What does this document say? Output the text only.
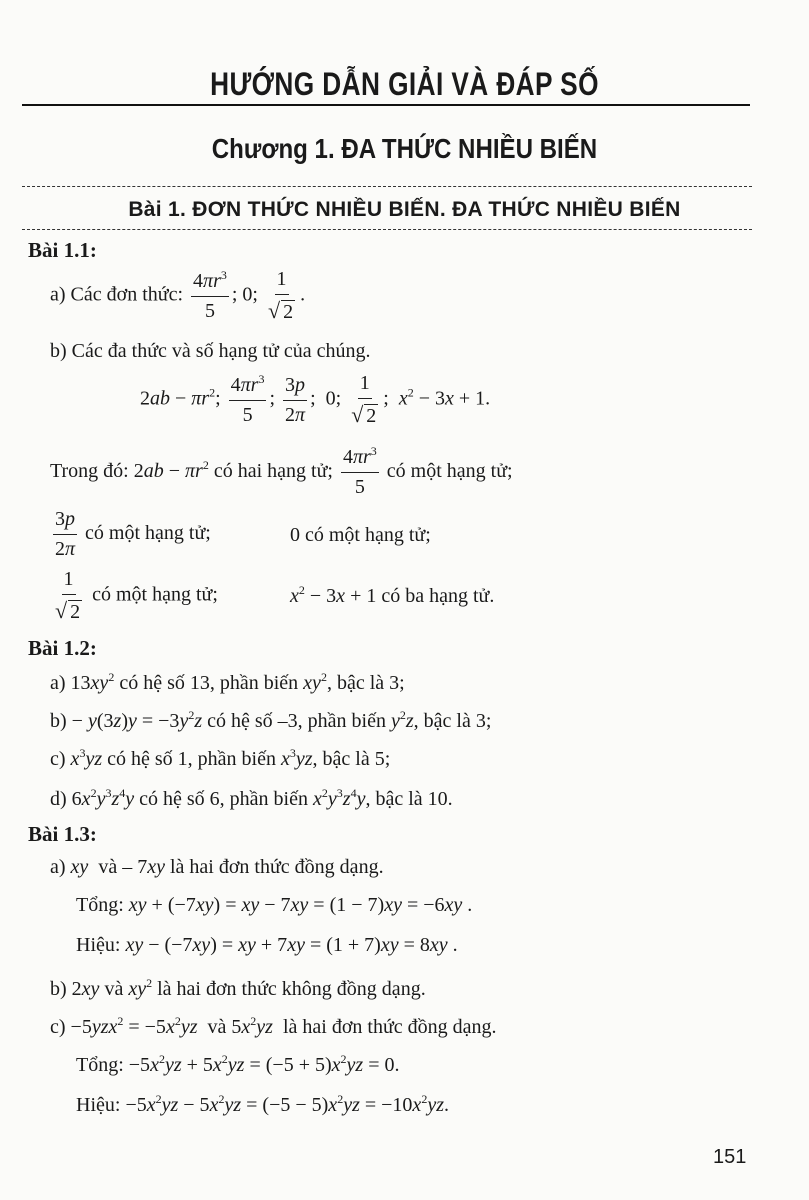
HƯỚNG DẪN GIẢI VÀ ĐÁP SỐ
Chương 1. ĐA THỨC NHIỀU BIẾN
Bài 1. ĐƠN THỨC NHIỀU BIẾN. ĐA THỨC NHIỀU BIẾN
Bài 1.1:
a) Các đơn thức: $\frac{4\pi r^3}{5}$ ; 0; $\frac{1}{√ 2}$ .
b) Các đa thức và số hạng tử của chúng.
$2ab - \pi r^2$; $\frac{4\pi r^3}{5}$ ; $\frac{3p}{2\pi}$ ;  0; $\frac{1}{√ 2}$ ;  $x^2 - 3x + 1$.
Trong đó: $2ab - \pi r^2$ có hai hạng tử; $\frac{4\pi r^3}{5}$ có một hạng tử;
$\frac{3p}{2\pi}$ có một hạng tử;	0 có một hạng tử;
$\frac{1}{√ 2}$ có một hạng tử;	$x^2 - 3x + 1$ có ba hạng tử.
Bài 1.2:
a) $13xy^2$ có hệ số 13, phần biến $xy^2$, bậc là 3;
$b) - y(3z)y = -3y^2z$ có hệ số –3, phần biến $y^2z$, bậc là 3;
c) $x^3yz$ có hệ số 1, phần biến $x^3yz$, bậc là 5;
d) $6x^2y^3z^4y$ có hệ số 6, phần biến $x^2y^3z^4y$, bậc là 10.
Bài 1.3:
a) xy  và – 7xy là hai đơn thức đồng dạng.
Tổng: xy + (−7xy) = xy − 7xy = (1 − 7)xy = −6xy .
Hiệu: xy − (−7xy) = xy + 7xy = (1 + 7)xy = 8xy .
b) 2xy và $xy^2$ là hai đơn thức không đồng dạng.
$c) -5yzx^2 = -5x^2yz$ và $5x^2yz$ là hai đơn thức đồng dạng.
Tổng: $-5x^2yz + 5x^2yz = (-5 + 5)x^2yz = 0$.
Hiệu: $-5x^2yz - 5x^2yz = (-5 - 5)x^2yz = -10x^2yz$.
151
